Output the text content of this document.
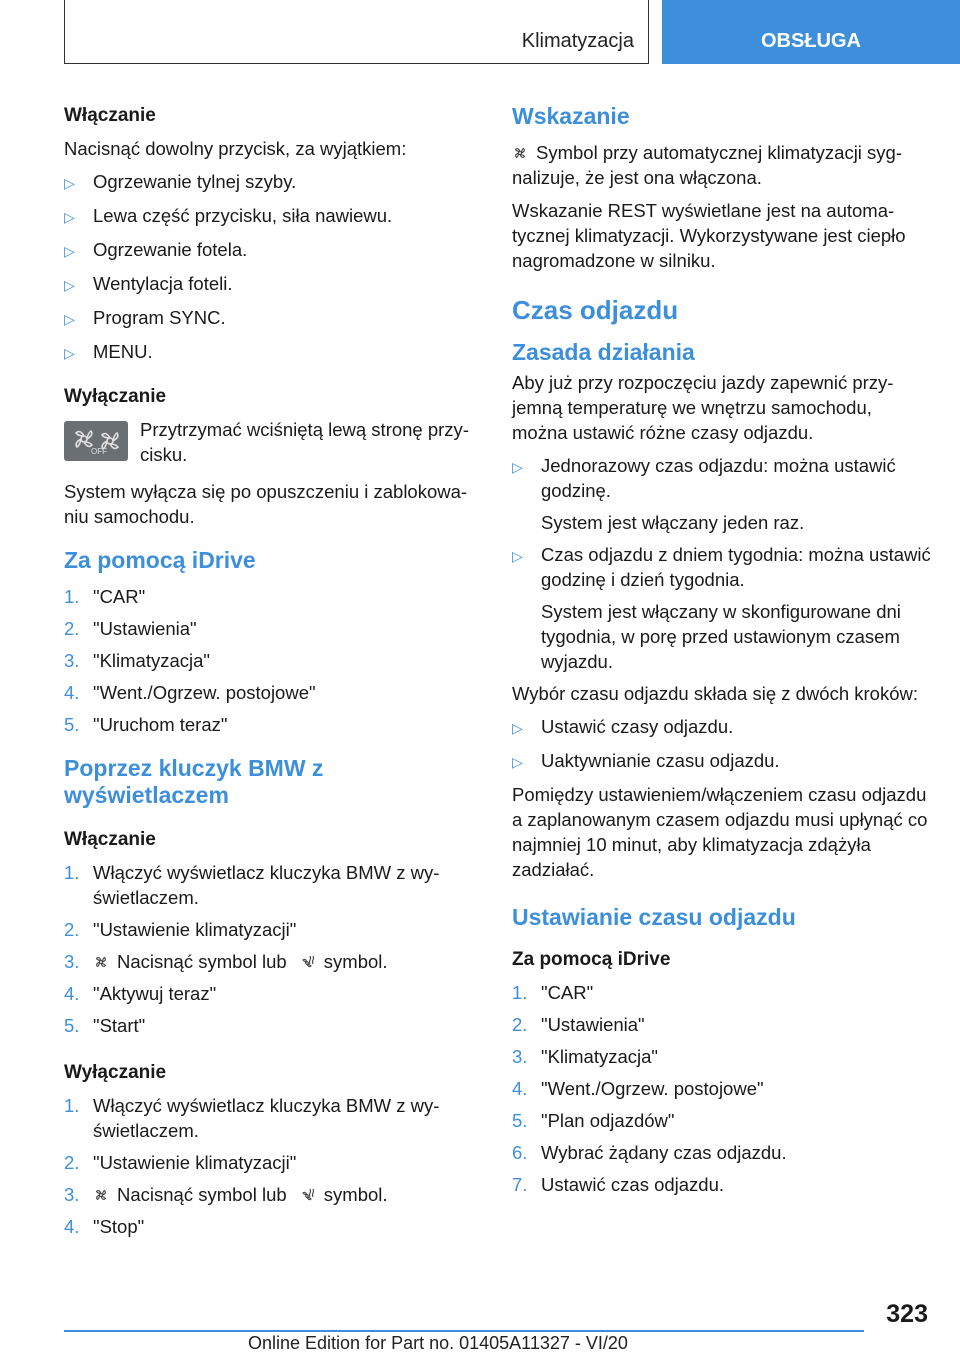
Klimatyzacja	OBSŁUGA
Włączanie
Nacisnąć dowolny przycisk, za wyjątkiem:
▷ Ogrzewanie tylnej szyby.
▷ Lewa część przycisku, siła nawiewu.
▷ Ogrzewanie fotela.
▷ Wentylacja foteli.
▷ Program SYNC.
▷ MENU.
Wyłączanie
OFF
Przytrzymać wciśniętą lewą stronę przycisku.
System wyłącza się po opuszczeniu i zablokowaniu samochodu.
Za pomocą iDrive
1. "CAR"
2. "Ustawienia"
3. "Klimatyzacja"
4. "Went./Ogrzew. postojowe"
5. "Uruchom teraz"
Poprzez kluczyk BMW z wyświetlaczem
Włączanie
1. Włączyć wyświetlacz kluczyka BMW z wyświetlaczem.
2. "Ustawienie klimatyzacji"
3.	Nacisnąć symbol lub symbol.
4. "Aktywuj teraz"
5. "Start"
Wyłączanie
1. Włączyć wyświetlacz kluczyka BMW z wyświetlaczem.
2. "Ustawienie klimatyzacji"
3.	Nacisnąć symbol lub symbol.
4. "Stop"
Wskazanie
Symbol przy automatycznej klimatyzacji sygnalizuje, że jest ona włączona.
Wskazanie REST wyświetlane jest na automatycznej klimatyzacji. Wykorzystywane jest ciepło nagromadzone w silniku.
Czas odjazdu
Zasada działania
Aby już przy rozpoczęciu jazdy zapewnić przyjemną temperaturę we wnętrzu samochodu, można ustawić różne czasy odjazdu.
▷ Jednorazowy czas odjazdu: można ustawić godzinę.
System jest włączany jeden raz.
▷ Czas odjazdu z dniem tygodnia: można ustawić godzinę i dzień tygodnia.
System jest włączany w skonfigurowane dni tygodnia, w porę przed ustawionym czasem wyjazdu.
Wybór czasu odjazdu składa się z dwóch kroków:
▷ Ustawić czasy odjazdu.
▷ Uaktywnianie czasu odjazdu.
Pomiędzy ustawieniem/włączeniem czasu odjazdu a zaplanowanym czasem odjazdu musi upłynąć co najmniej 10 minut, aby klimatyzacja zdążyła zadziałać.
Ustawianie czasu odjazdu
Za pomocą iDrive
1. "CAR"
2. "Ustawienia"
3. "Klimatyzacja"
4. "Went./Ogrzew. postojowe"
5. "Plan odjazdów"
6. Wybrać żądany czas odjazdu.
7. Ustawić czas odjazdu.
323
Online Edition for Part no. 01405A11327 - VI/20
